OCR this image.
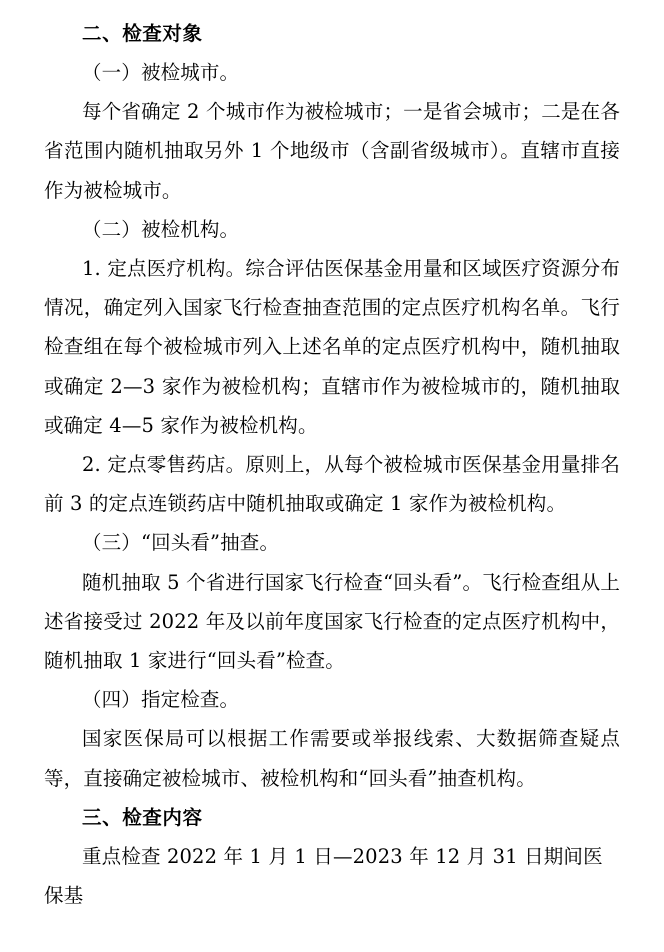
二、检查对象

（一）被检城市。

每个省确定 2 个城市作为被检城市；一是省会城市；二是在各省范围内随机抽取另外 1 个地级市（含副省级城市）。直辖市直接作为被检城市。

（二）被检机构。

1. 定点医疗机构。综合评估医保基金用量和区域医疗资源分布情况，确定列入国家飞行检查抽查范围的定点医疗机构名单。飞行检查组在每个被检城市列入上述名单的定点医疗机构中，随机抽取或确定 2—3 家作为被检机构；直辖市作为被检城市的，随机抽取或确定 4—5 家作为被检机构。

2. 定点零售药店。原则上，从每个被检城市医保基金用量排名前 3 的定点连锁药店中随机抽取或确定 1 家作为被检机构。

（三）“回头看”抽查。

随机抽取 5 个省进行国家飞行检查“回头看”。飞行检查组从上述省接受过 2022 年及以前年度国家飞行检查的定点医疗机构中，随机抽取 1 家进行“回头看”检查。

（四）指定检查。

国家医保局可以根据工作需要或举报线索、大数据筛查疑点等，直接确定被检城市、被检机构和“回头看”抽查机构。

三、检查内容

重点检查 2022 年 1 月 1 日—2023 年 12 月 31 日期间医保基
